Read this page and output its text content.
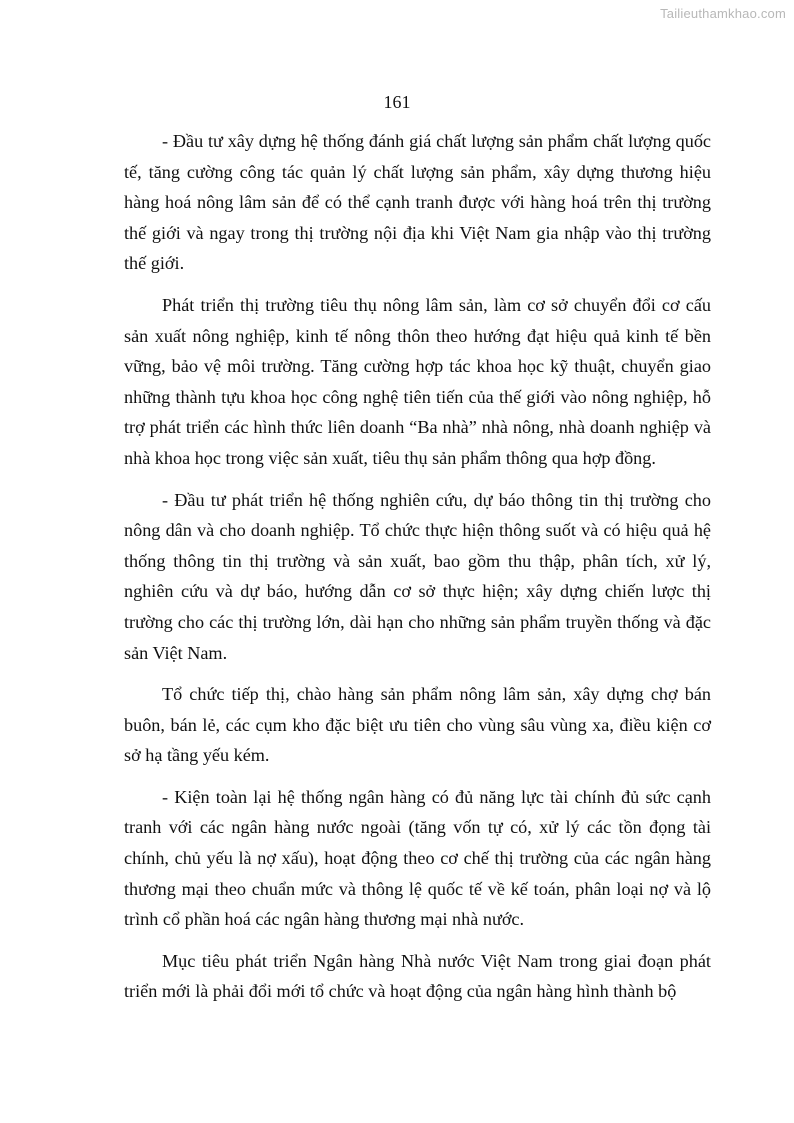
Tailieuthamkhao.com
161

- Đầu tư xây dựng hệ thống đánh giá chất lượng sản phẩm chất lượng quốc tế, tăng cường công tác quản lý chất lượng sản phẩm, xây dựng thương hiệu hàng hoá nông lâm sản để có thể cạnh tranh được với hàng hoá trên thị trường thế giới và ngay trong thị trường nội địa khi Việt Nam gia nhập vào thị trường thế giới.

Phát triển thị trường tiêu thụ nông lâm sản, làm cơ sở chuyển đổi cơ cấu sản xuất nông nghiệp, kinh tế nông thôn theo hướng đạt hiệu quả kinh tế bền vững, bảo vệ môi trường. Tăng cường hợp tác khoa học kỹ thuật, chuyển giao những thành tựu khoa học công nghệ tiên tiến của thế giới vào nông nghiệp, hỗ trợ phát triển các hình thức liên doanh “Ba nhà” nhà nông, nhà doanh nghiệp và nhà khoa học trong việc sản xuất, tiêu thụ sản phẩm thông qua hợp đồng.

- Đầu tư phát triển hệ thống nghiên cứu, dự báo thông tin thị trường cho nông dân và cho doanh nghiệp. Tổ chức thực hiện thông suốt và có hiệu quả hệ thống thông tin thị trường và sản xuất, bao gồm thu thập, phân tích, xử lý, nghiên cứu và dự báo, hướng dẫn cơ sở thực hiện; xây dựng chiến lược thị trường cho các thị trường lớn, dài hạn cho những sản phẩm truyền thống và đặc sản Việt Nam.

Tổ chức tiếp thị, chào hàng sản phẩm nông lâm sản, xây dựng chợ bán buôn, bán lẻ, các cụm kho đặc biệt ưu tiên cho vùng sâu vùng xa, điều kiện cơ sở hạ tầng yếu kém.

- Kiện toàn lại hệ thống ngân hàng có đủ năng lực tài chính đủ sức cạnh tranh với các ngân hàng nước ngoài (tăng vốn tự có, xử lý các tồn đọng tài chính, chủ yếu là nợ xấu), hoạt động theo cơ chế thị trường của các ngân hàng thương mại theo chuẩn mức và thông lệ quốc tế về kế toán, phân loại nợ và lộ trình cổ phần hoá các ngân hàng thương mại nhà nước.

Mục tiêu phát triển Ngân hàng Nhà nước Việt Nam trong giai đoạn phát triển mới là phải đổi mới tổ chức và hoạt động của ngân hàng hình thành bộ
